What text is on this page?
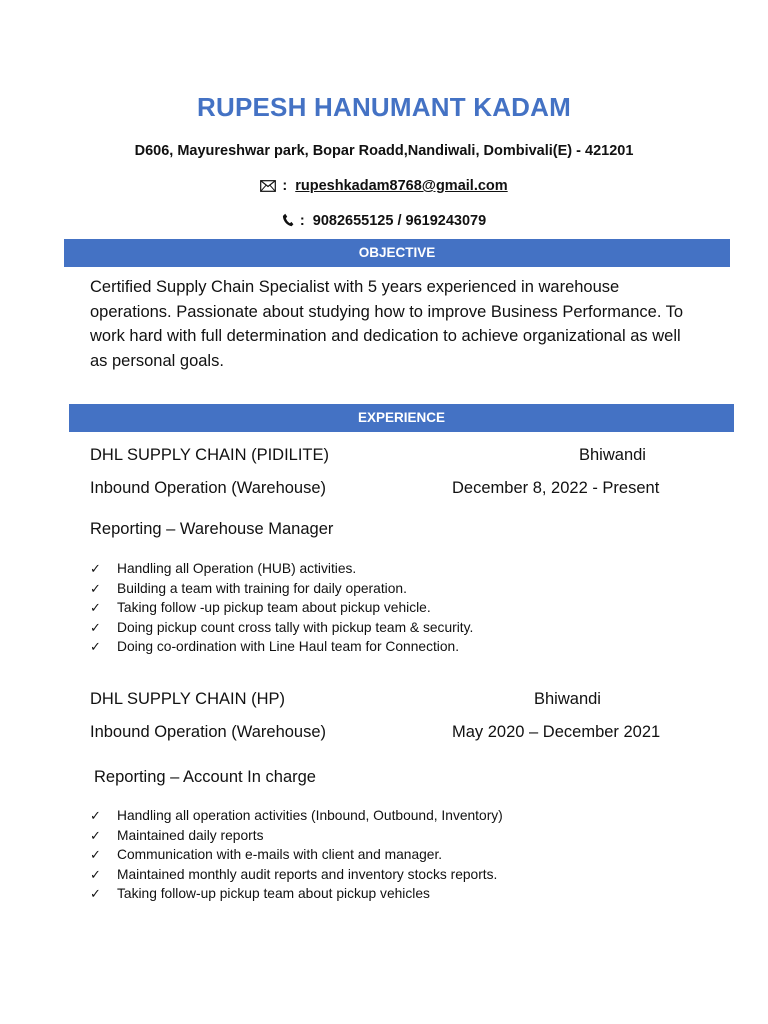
RUPESH HANUMANT KADAM
D606, Mayureshwar park, Bopar Roadd,Nandiwali, Dombivali(E) - 421201
: rupeshkadam8768@gmail.com
: 9082655125 / 9619243079
OBJECTIVE
Certified Supply Chain Specialist with 5 years experienced in warehouse operations. Passionate about studying how to improve Business Performance. To work hard with full determination and dedication to achieve organizational as well as personal goals.
EXPERIENCE
DHL SUPPLY CHAIN (PIDILITE)	Bhiwandi
Inbound Operation (Warehouse)	December 8, 2022 - Present
Reporting – Warehouse Manager
✓ Handling all Operation (HUB) activities.
✓ Building a team with training for daily operation.
✓ Taking follow -up pickup team about pickup vehicle.
✓ Doing pickup count cross tally with pickup team & security.
✓ Doing co-ordination with Line Haul team for Connection.
DHL SUPPLY CHAIN (HP)	Bhiwandi
Inbound Operation (Warehouse)	May 2020 – December 2021
Reporting – Account In charge
✓ Handling all operation activities (Inbound, Outbound, Inventory)
✓ Maintained daily reports
✓ Communication with e-mails with client and manager.
✓ Maintained monthly audit reports and inventory stocks reports.
✓ Taking follow-up pickup team about pickup vehicles
